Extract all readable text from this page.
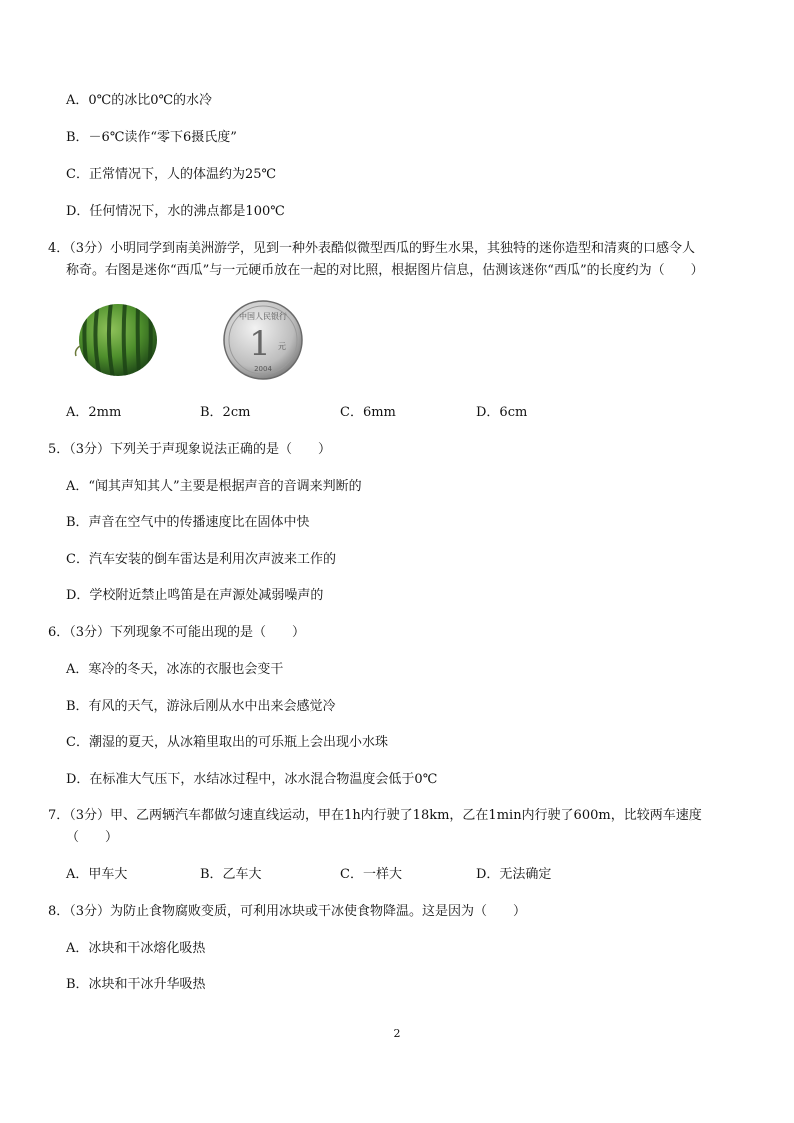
A．0℃的冰比0℃的水冷
B．－6℃读作“零下6摄氏度”
C．正常情况下，人的体温约为25℃
D．任何情况下，水的沸点都是100℃
4．（3分）小明同学到南美洲游学，见到一种外表酷似微型西瓜的野生水果，其独特的迷你造型和清爽的口感令人
称奇。右图是迷你“西瓜”与一元硬币放在一起的对比照，根据图片信息，估测该迷你“西瓜”的长度约为（　　）
中国人民银行
1 元
2004
A．2mm	B．2cm	C．6mm	D．6cm
5．（3分）下列关于声现象说法正确的是（　　）
A．“闻其声知其人”主要是根据声音的音调来判断的
B．声音在空气中的传播速度比在固体中快
C．汽车安装的倒车雷达是利用次声波来工作的
D．学校附近禁止鸣笛是在声源处减弱噪声的
6．（3分）下列现象不可能出现的是（　　）
A．寒冷的冬天，冰冻的衣服也会变干
B．有风的天气，游泳后刚从水中出来会感觉冷
C．潮湿的夏天，从冰箱里取出的可乐瓶上会出现小水珠
D．在标准大气压下，水结冰过程中，冰水混合物温度会低于0℃
7．（3分）甲、乙两辆汽车都做匀速直线运动，甲在1h内行驶了18km，乙在1min内行驶了600m，比较两车速度
（　　）
A．甲车大	B．乙车大	C．一样大	D．无法确定
8．（3分）为防止食物腐败变质，可利用冰块或干冰使食物降温。这是因为（　　）
A．冰块和干冰熔化吸热
B．冰块和干冰升华吸热
2
